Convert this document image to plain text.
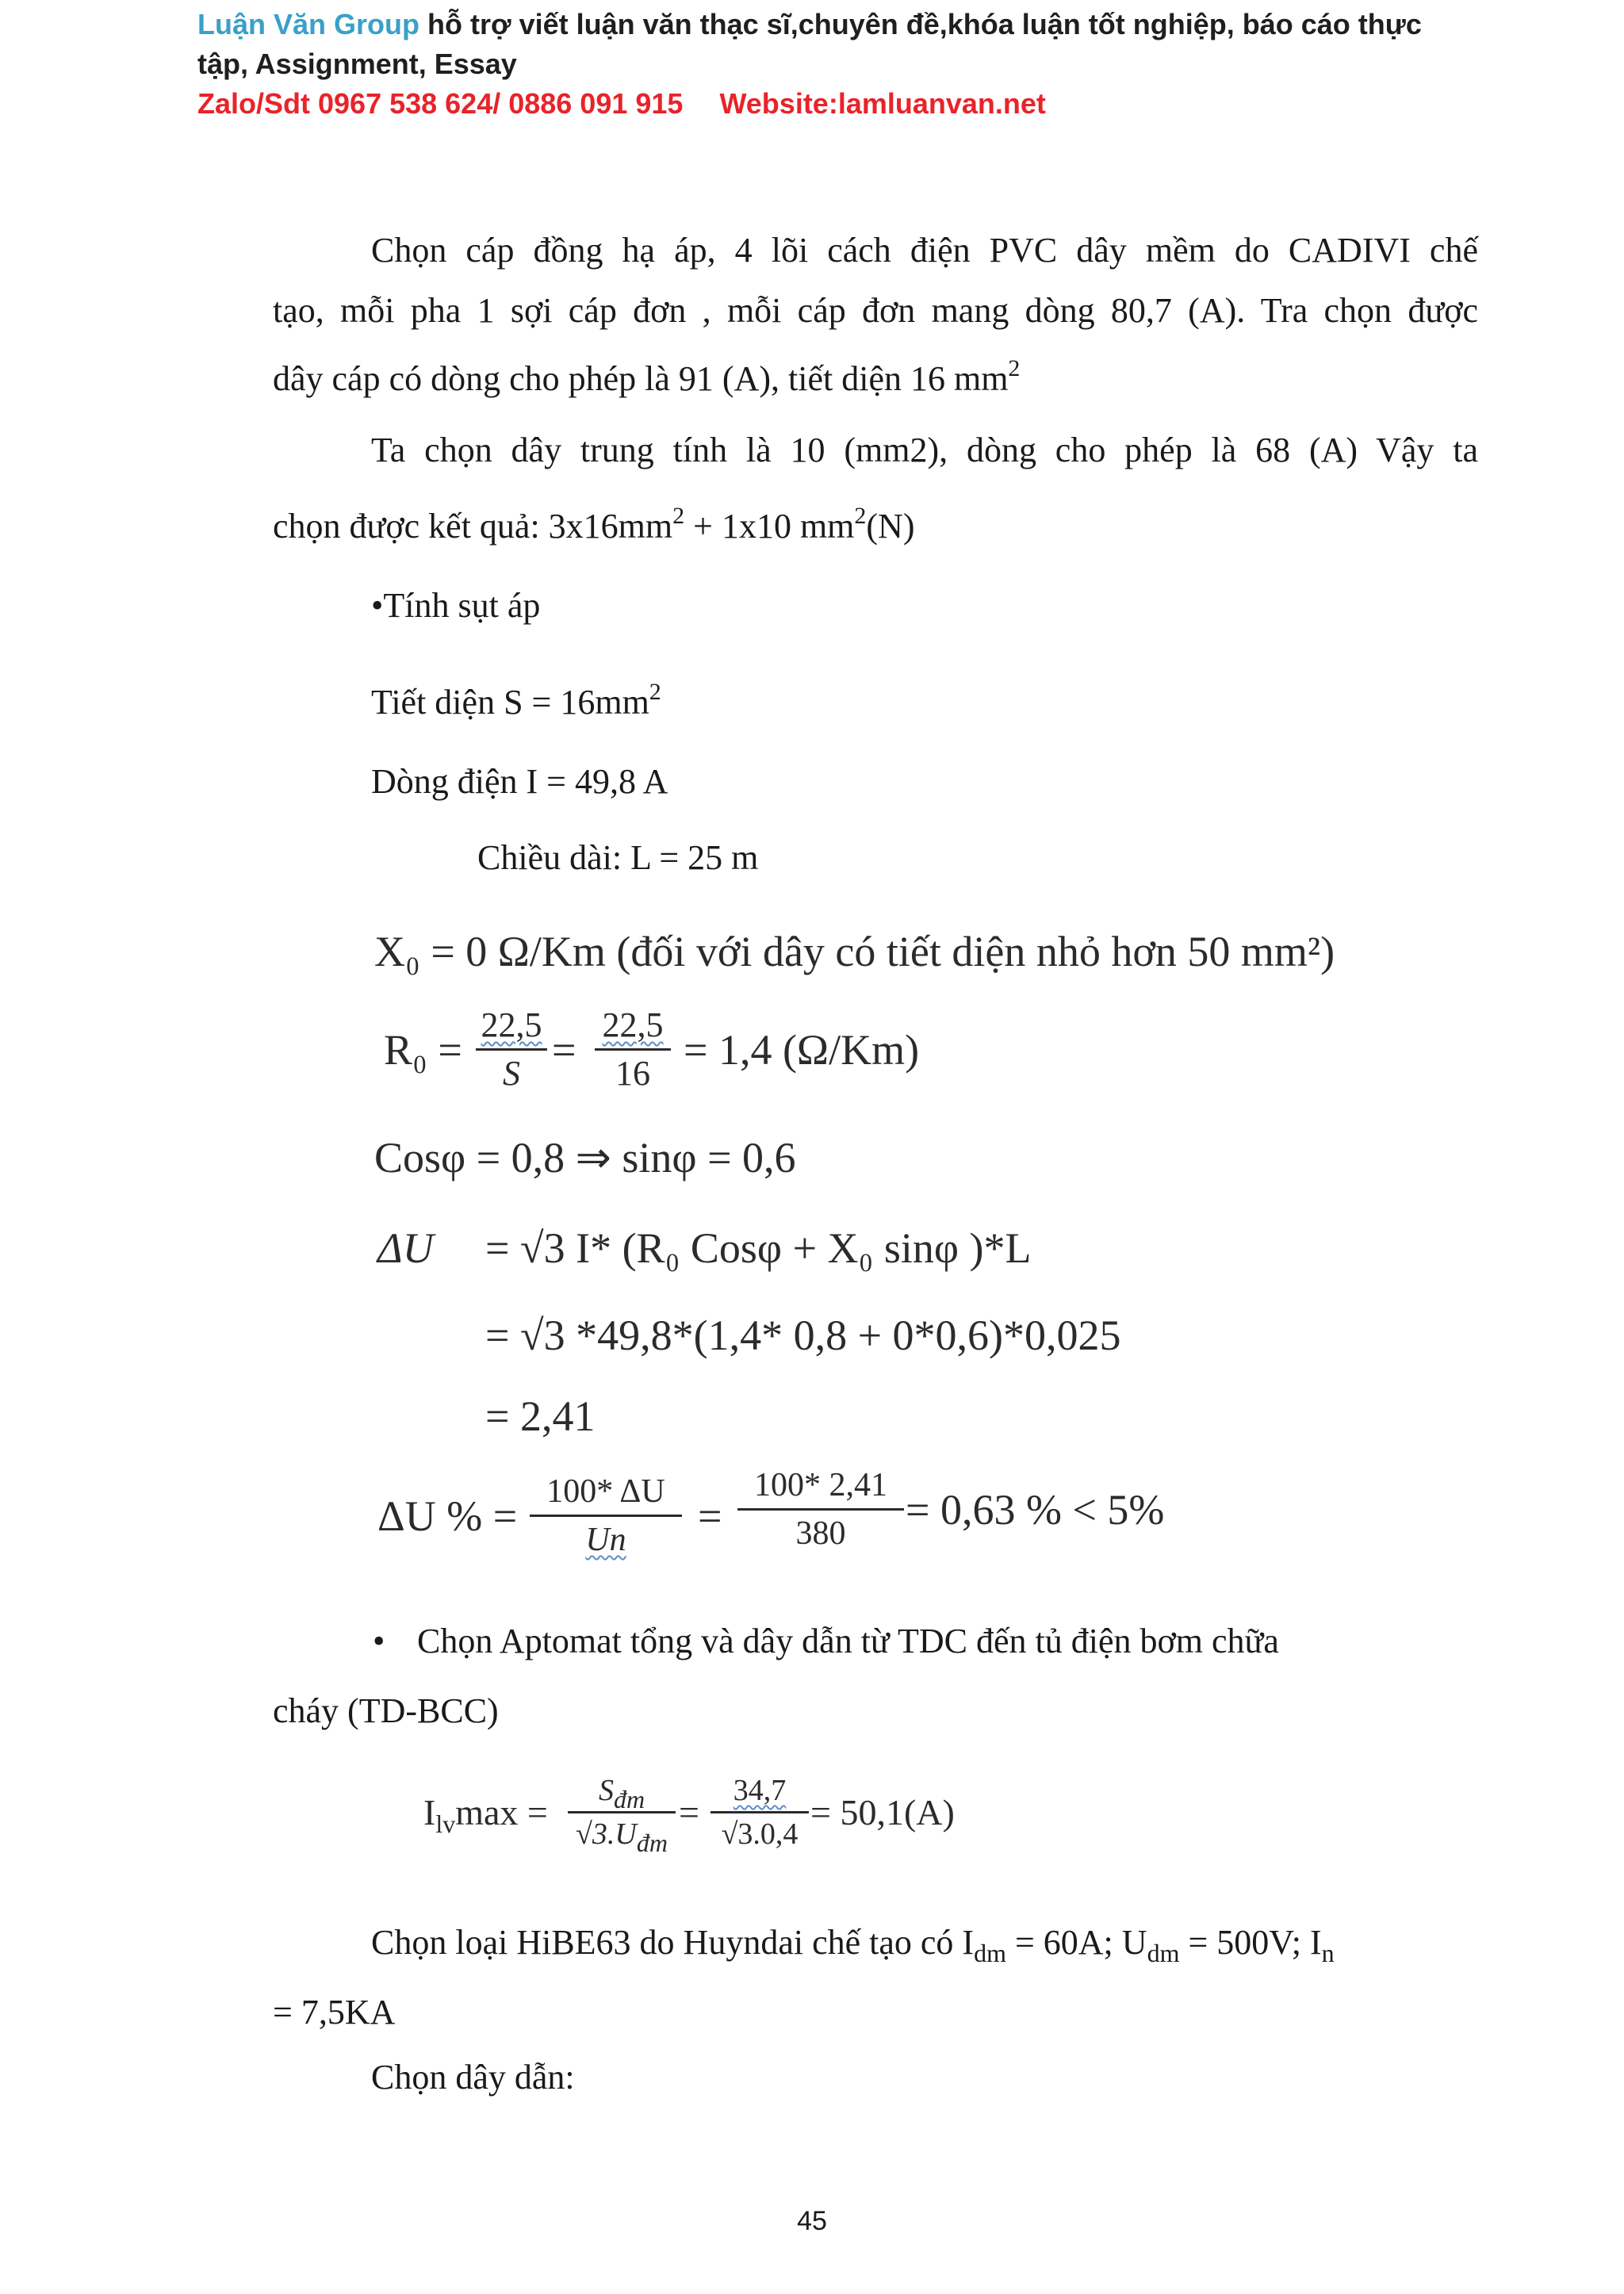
Luận Văn Group hỗ trợ viết luận văn thạc sĩ,chuyên đề,khóa luận tốt nghiệp, báo cáo thực
tập, Assignment, Essay
Zalo/Sdt 0967 538 624/ 0886 091 915 Website:lamluanvan.net
Chọn cáp đồng hạ áp, 4 lõi cách điện PVC dây mềm do CADIVI chế
tạo, mỗi pha 1 sợi cáp đơn , mỗi cáp đơn mang dòng 80,7 (A). Tra chọn được
dây cáp có dòng cho phép là 91 (A), tiết diện 16 $mm^2$
Ta chọn dây trung tính là 10 (mm2), dòng cho phép là 68 (A) Vậy ta
chọn được kết quả: $3x16mm^2 + 1x10$ $mm^2(N)$
•Tính sụt áp
Tiết diện $S = 16mm^2$
Dòng điện I = 49,8 A
Chiều dài: L = 25 m
X₀ = 0 Ω/Km (đối với dây có tiết diện nhỏ hơn 50 mm²)
$R_0 = \frac{22,5}{S} = \frac{22,5}{16} = 1,4$ (Ω/Km)
Cosφ = 0,8 ⇒ sinφ = 0,6
ΔU = √3 I* (R₀ Cosφ + X₀ sinφ )*L
= √3 *49,8*(1,4* 0,8 + 0*0,6)*0,025
= 2,41
ΔU % =
100* ΔU
Un	=
100* 2,41
380	= 0,63 % < 5%
• Chọn Aptomat tổng và dây dẫn từ TDC đến tủ điện bơm chữa
cháy (TD-BCC)
$I_{lv}\max$ =
$S_{đm}$
$√3.U_{đm}$
= $\frac{34,7}{√3.0,4} = 50,1(A)$
Chọn loại HiBE63 do Huyndai chế tạo có $I_{dm} = 60A$; $U_{dm} = 500V$; $I_n$
= 7,5KA
Chọn dây dẫn:
45
